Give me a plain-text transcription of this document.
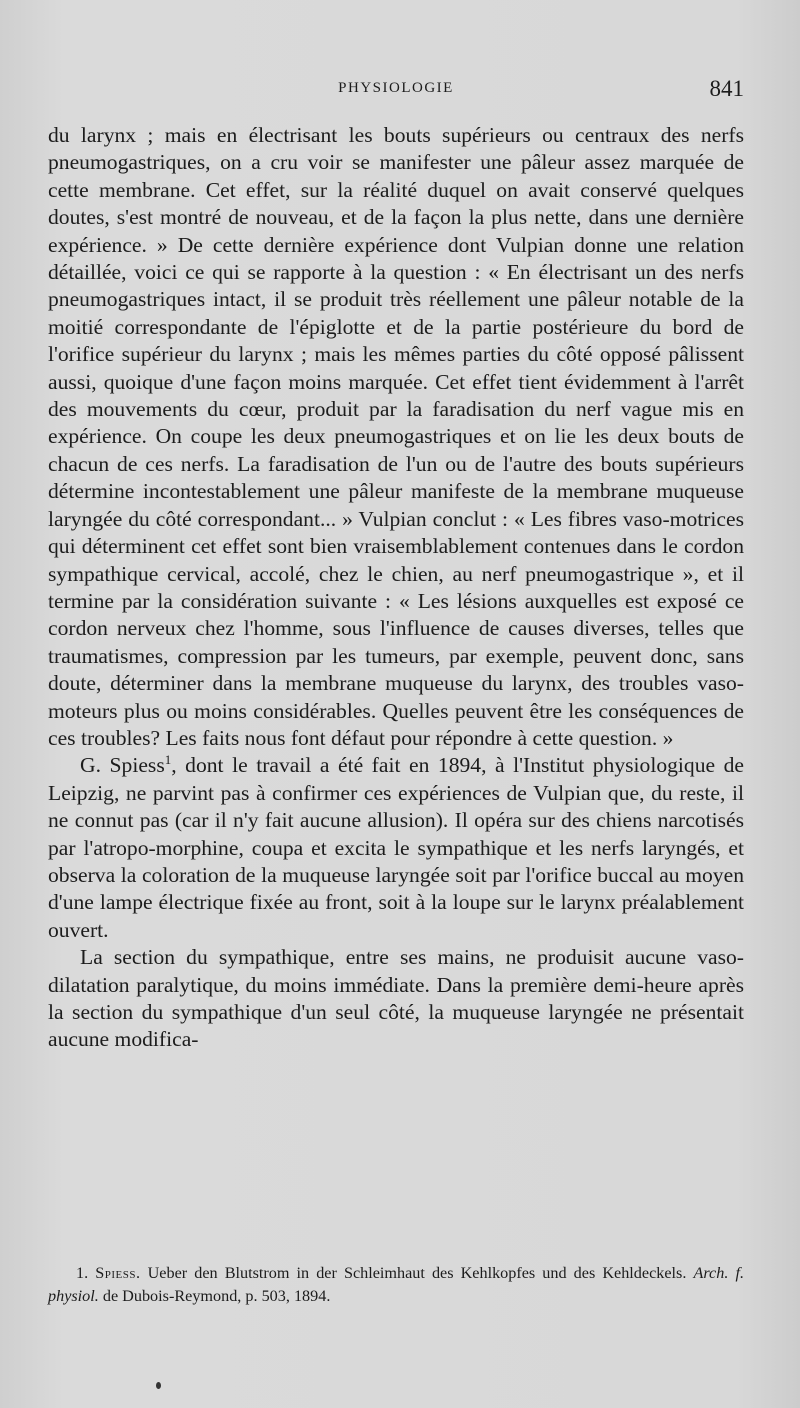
PHYSIOLOGIE	841

du larynx ; mais en électrisant les bouts supérieurs ou centraux des nerfs pneumogastriques, on a cru voir se manifester une pâleur assez marquée de cette membrane. Cet effet, sur la réalité duquel on avait conservé quelques doutes, s'est montré de nouveau, et de la façon la plus nette, dans une dernière expérience. » De cette dernière expérience dont Vulpian donne une relation détaillée, voici ce qui se rapporte à la question : « En électrisant un des nerfs pneumogastriques intact, il se produit très réellement une pâleur notable de la moitié correspondante de l'épiglotte et de la partie postérieure du bord de l'orifice supérieur du larynx ; mais les mêmes parties du côté opposé pâlissent aussi, quoique d'une façon moins marquée. Cet effet tient évidemment à l'arrêt des mouvements du cœur, produit par la faradisation du nerf vague mis en expérience. On coupe les deux pneumogastriques et on lie les deux bouts de chacun de ces nerfs. La faradisation de l'un ou de l'autre des bouts supérieurs détermine incontestablement une pâleur manifeste de la membrane muqueuse laryngée du côté correspondant... » Vulpian conclut : « Les fibres vaso-motrices qui déterminent cet effet sont bien vraisemblablement contenues dans le cordon sympathique cervical, accolé, chez le chien, au nerf pneumogastrique », et il termine par la considération suivante : « Les lésions auxquelles est exposé ce cordon nerveux chez l'homme, sous l'influence de causes diverses, telles que traumatismes, compression par les tumeurs, par exemple, peuvent donc, sans doute, déterminer dans la membrane muqueuse du larynx, des troubles vaso-moteurs plus ou moins considérables. Quelles peuvent être les conséquences de ces troubles? Les faits nous font défaut pour répondre à cette question. »

G. Spiess$^1$, dont le travail a été fait en 1894, à l'Institut physiologique de Leipzig, ne parvint pas à confirmer ces expériences de Vulpian que, du reste, il ne connut pas (car il n'y fait aucune allusion). Il opéra sur des chiens narcotisés par l'atropo-morphine, coupa et excita le sympathique et les nerfs laryngés, et observa la coloration de la muqueuse laryngée soit par l'orifice buccal au moyen d'une lampe électrique fixée au front, soit à la loupe sur le larynx préalablement ouvert.

La section du sympathique, entre ses mains, ne produisit aucune vaso-dilatation paralytique, du moins immédiate. Dans la première demi-heure après la section du sympathique d'un seul côté, la muqueuse laryngée ne présentait aucune modifica-

1. Spiess. Ueber den Blutstrom in der Schleimhaut des Kehlkopfes und des Kehldeckels. Arch. f. physiol. de Dubois-Reymond, p. 503, 1894.
